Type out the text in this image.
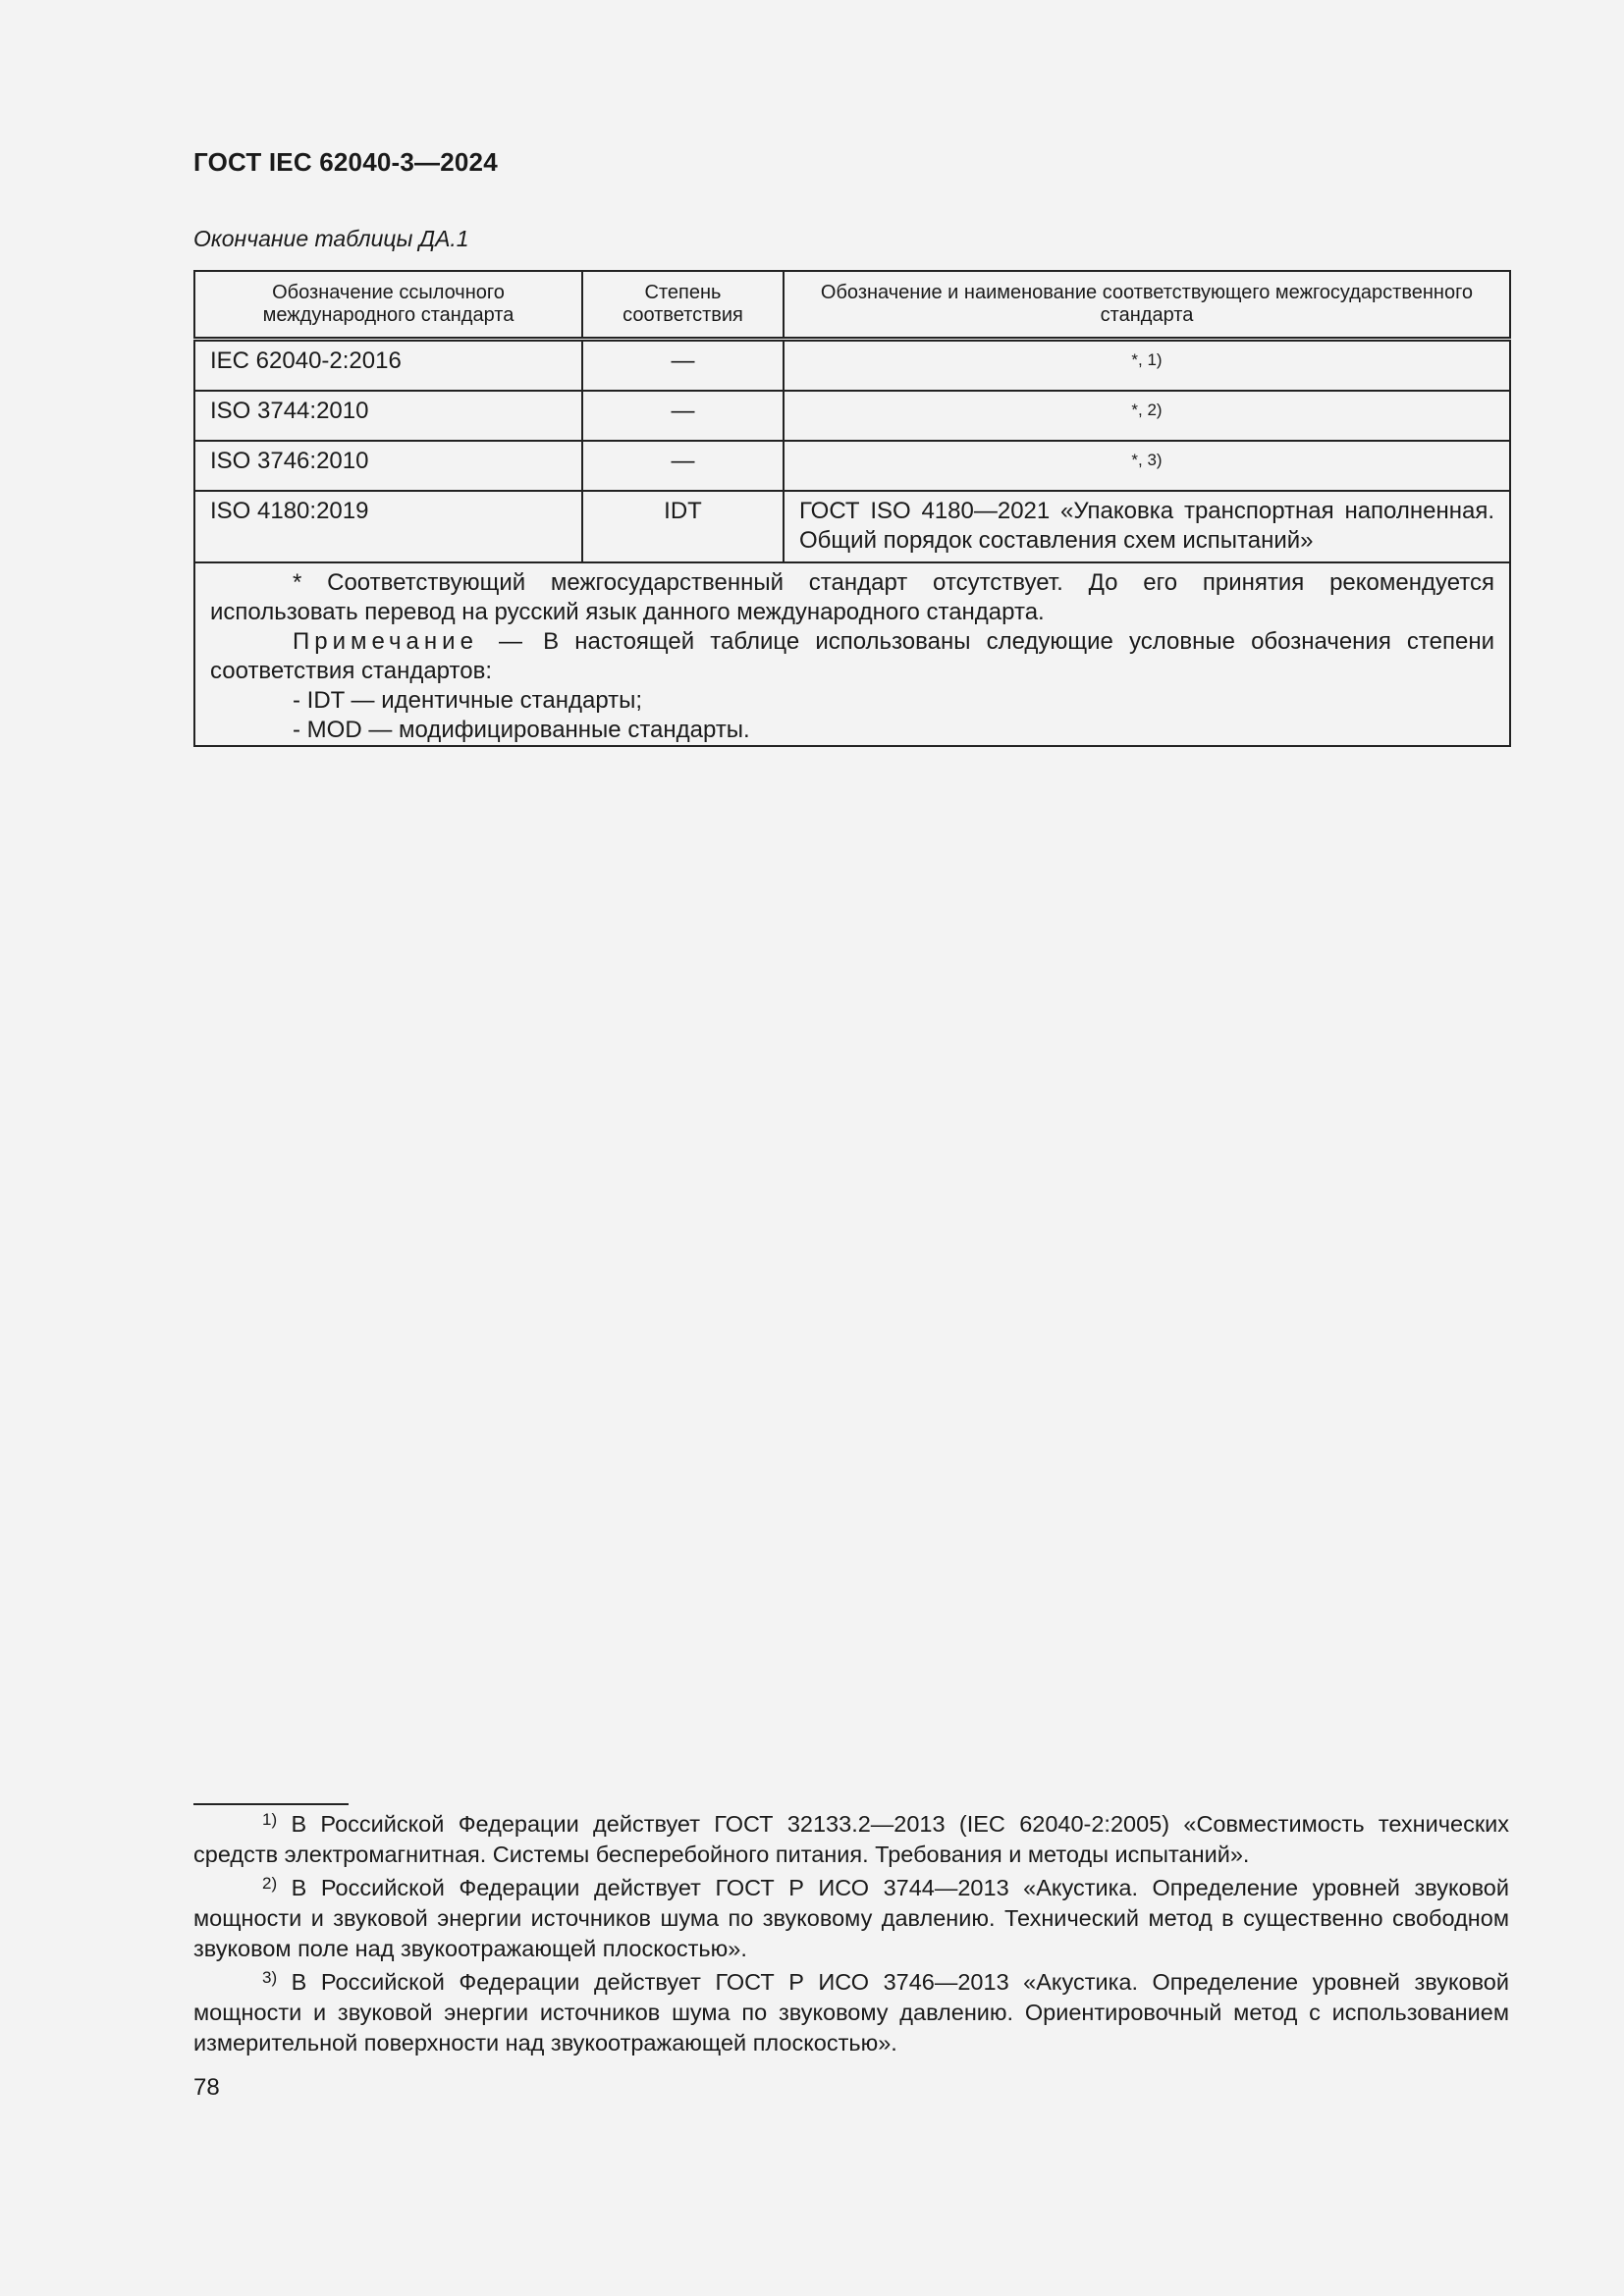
ГОСТ IEC 62040-3—2024
Окончание таблицы ДА.1
Обозначение ссылочного международного стандарта	Степень соответствия	Обозначение и наименование соответствующего межгосударственного стандарта
IEC 62040-2:2016	—	*, 1)
ISO 3744:2010	—	*, 2)
ISO 3746:2010	—	*, 3)
ISO 4180:2019	IDT	ГОСТ ISO 4180—2021 «Упаковка транспортная наполненная. Общий порядок составления схем испытаний»

* Соответствующий межгосударственный стандарт отсутствует. До его принятия рекомендуется использовать перевод на русский язык данного международного стандарта.

Примечание — В настоящей таблице использованы следующие условные обозначения степени соответствия стандартов:

- IDT — идентичные стандарты;

- MOD — модифицированные стандарты.		

$^{1)}$ В Российской Федерации действует ГОСТ 32133.2—2013 (IEC 62040-2:2005) «Совместимость технических средств электромагнитная. Системы бесперебойного питания. Требования и методы испытаний».

$^{2)}$ В Российской Федерации действует ГОСТ Р ИСО 3744—2013 «Акустика. Определение уровней звуковой мощности и звуковой энергии источников шума по звуковому давлению. Технический метод в существенно свободном звуковом поле над звукоотражающей плоскостью».

$^{3)}$ В Российской Федерации действует ГОСТ Р ИСО 3746—2013 «Акустика. Определение уровней звуковой мощности и звуковой энергии источников шума по звуковому давлению. Ориентировочный метод с использованием измерительной поверхности над звукоотражающей плоскостью».

78
